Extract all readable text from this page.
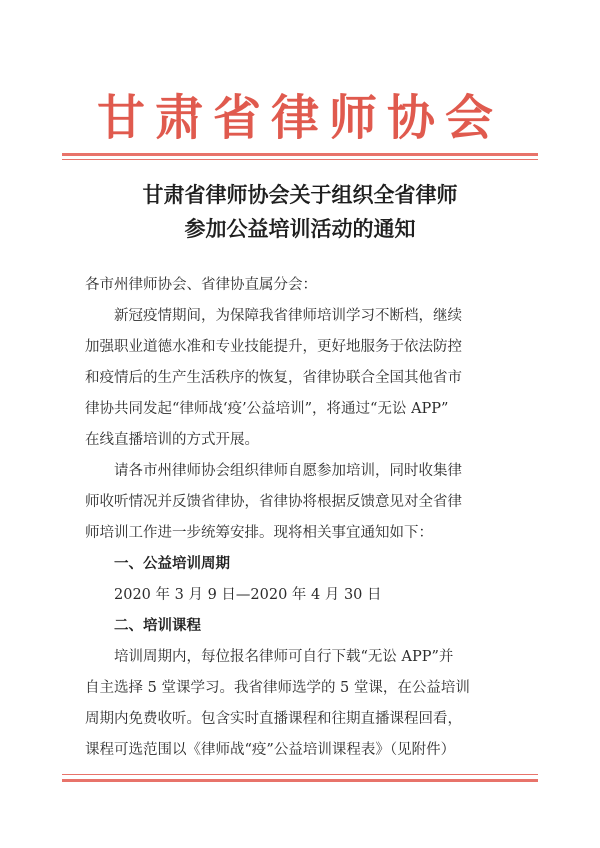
甘肃省律师协会
甘肃省律师协会关于组织全省律师
参加公益培训活动的通知
各市州律师协会、省律协直属分会：
新冠疫情期间，为保障我省律师培训学习不断档，继续
加强职业道德水准和专业技能提升，更好地服务于依法防控
和疫情后的生产生活秩序的恢复，省律协联合全国其他省市
律协共同发起“律师战‘疫’公益培训”，将通过“无讼 APP”
在线直播培训的方式开展。
请各市州律师协会组织律师自愿参加培训，同时收集律
师收听情况并反馈省律协，省律协将根据反馈意见对全省律
师培训工作进一步统筹安排。现将相关事宜通知如下：
一、公益培训周期
2020 年 3 月 9 日—2020 年 4 月 30 日
二、培训课程
培训周期内，每位报名律师可自行下载“无讼 APP”并
自主选择 5 堂课学习。我省律师选学的 5 堂课，在公益培训
周期内免费收听。包含实时直播课程和往期直播课程回看，
课程可选范围以《律师战“疫”公益培训课程表》（见附件）
